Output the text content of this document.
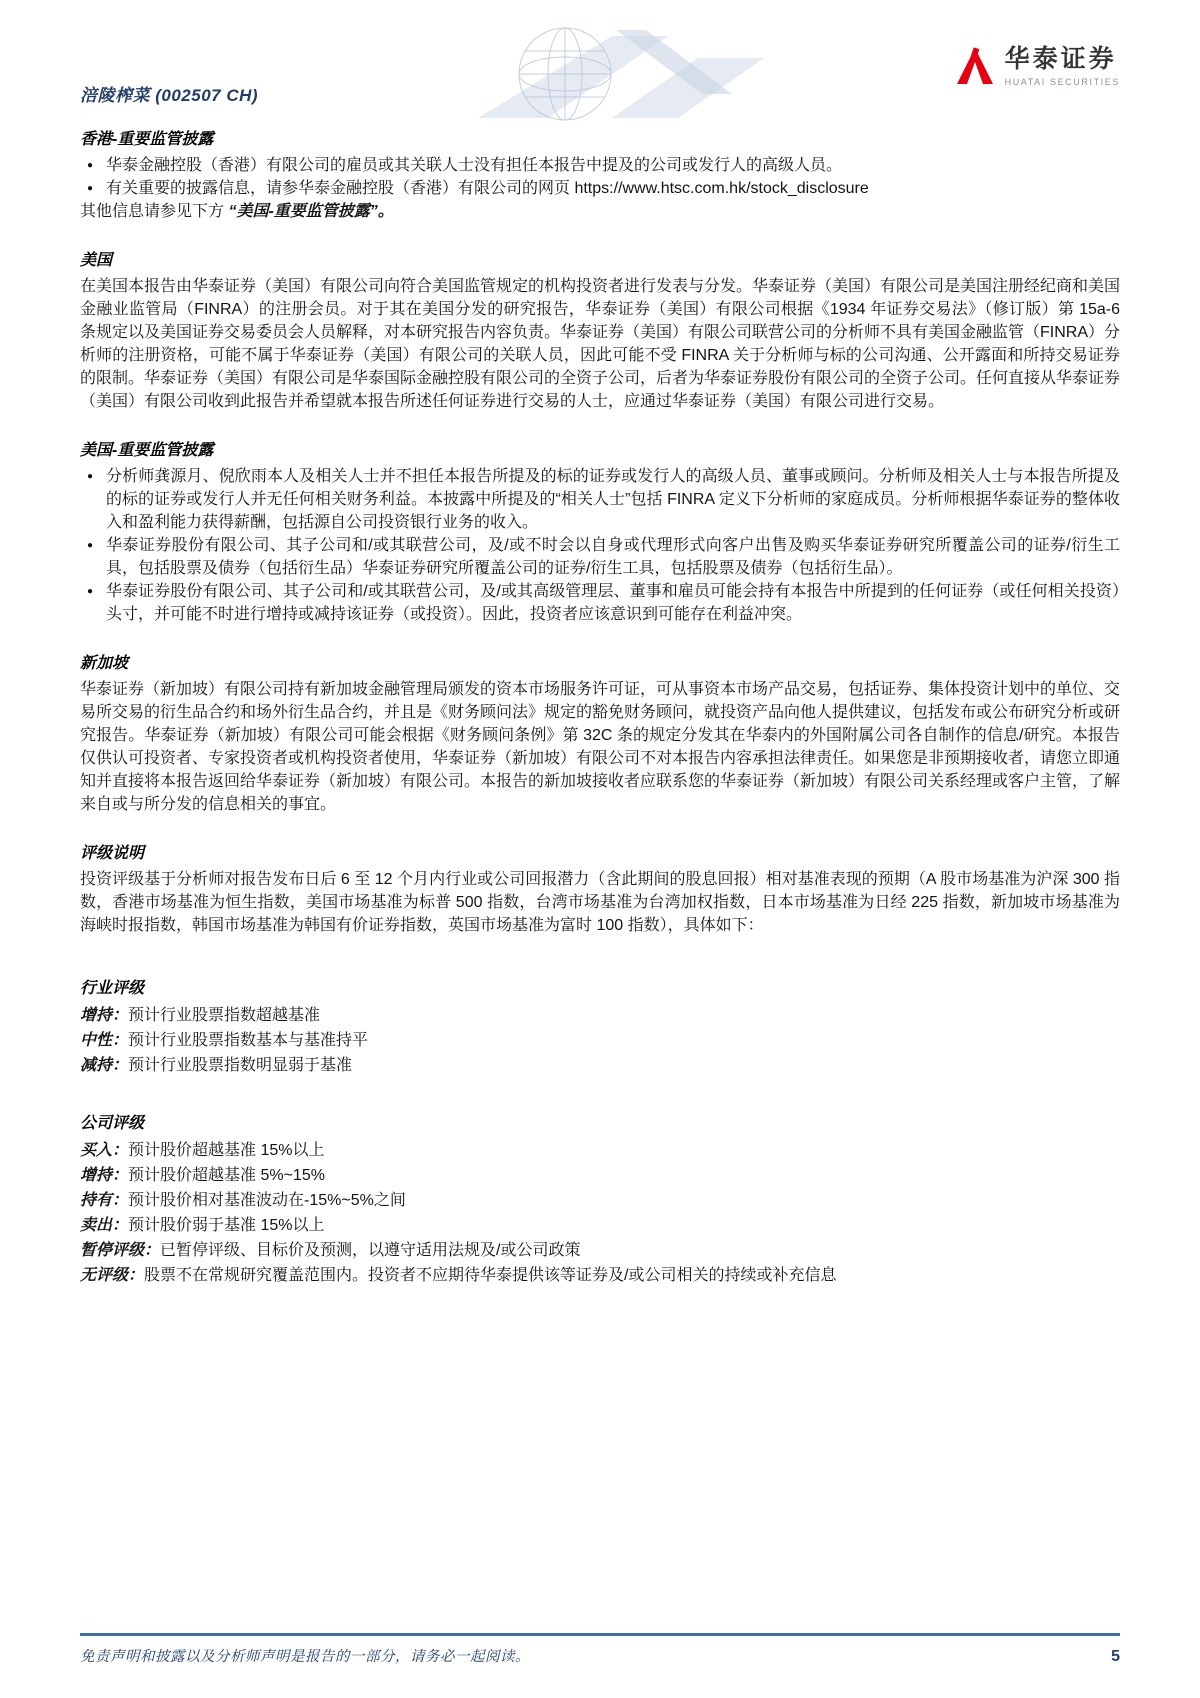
涪陵榨菜 (002507 CH)
华泰证券
HUATAI SECURITIES
香港-重要监管披露
● 华泰金融控股（香港）有限公司的雇员或其关联人士没有担任本报告中提及的公司或发行人的高级人员。
● 有关重要的披露信息，请参华泰金融控股（香港）有限公司的网页 https://www.htsc.com.hk/stock_disclosure

其他信息请参见下方 “美国-重要监管披露”。

美国

在美国本报告由华泰证券（美国）有限公司向符合美国监管规定的机构投资者进行发表与分发。华泰证券（美国）有限公司是美国注册经纪商和美国金融业监管局（FINRA）的注册会员。对于其在美国分发的研究报告，华泰证券（美国）有限公司根据《1934 年证券交易法》（修订版）第 15a-6 条规定以及美国证券交易委员会人员解释，对本研究报告内容负责。华泰证券（美国）有限公司联营公司的分析师不具有美国金融监管（FINRA）分析师的注册资格，可能不属于华泰证券（美国）有限公司的关联人员，因此可能不受 FINRA 关于分析师与标的公司沟通、公开露面和所持交易证券的限制。华泰证券（美国）有限公司是华泰国际金融控股有限公司的全资子公司，后者为华泰证券股份有限公司的全资子公司。任何直接从华泰证券（美国）有限公司收到此报告并希望就本报告所述任何证券进行交易的人士，应通过华泰证券（美国）有限公司进行交易。

美国-重要监管披露
● 分析师龚源月、倪欣雨本人及相关人士并不担任本报告所提及的标的证券或发行人的高级人员、董事或顾问。分析师及相关人士与本报告所提及的标的证券或发行人并无任何相关财务利益。本披露中所提及的“相关人士”包括 FINRA 定义下分析师的家庭成员。分析师根据华泰证券的整体收入和盈利能力获得薪酬，包括源自公司投资银行业务的收入。
● 华泰证券股份有限公司、其子公司和/或其联营公司，及/或不时会以自身或代理形式向客户出售及购买华泰证券研究所覆盖公司的证券/衍生工具，包括股票及债券（包括衍生品）华泰证券研究所覆盖公司的证券/衍生工具，包括股票及债券（包括衍生品）。
● 华泰证券股份有限公司、其子公司和/或其联营公司，及/或其高级管理层、董事和雇员可能会持有本报告中所提到的任何证券（或任何相关投资）头寸，并可能不时进行增持或减持该证券（或投资）。因此，投资者应该意识到可能存在利益冲突。
新加坡

华泰证券（新加坡）有限公司持有新加坡金融管理局颁发的资本市场服务许可证，可从事资本市场产品交易，包括证券、集体投资计划中的单位、交易所交易的衍生品合约和场外衍生品合约，并且是《财务顾问法》规定的豁免财务顾问，就投资产品向他人提供建议，包括发布或公布研究分析或研究报告。华泰证券（新加坡）有限公司可能会根据《财务顾问条例》第 32C 条的规定分发其在华泰内的外国附属公司各自制作的信息/研究。本报告仅供认可投资者、专家投资者或机构投资者使用，华泰证券（新加坡）有限公司不对本报告内容承担法律责任。如果您是非预期接收者，请您立即通知并直接将本报告返回给华泰证券（新加坡）有限公司。本报告的新加坡接收者应联系您的华泰证券（新加坡）有限公司关系经理或客户主管，了解来自或与所分发的信息相关的事宜。

评级说明

投资评级基于分析师对报告发布日后 6 至 12 个月内行业或公司回报潜力（含此期间的股息回报）相对基准表现的预期（A 股市场基准为沪深 300 指数，香港市场基准为恒生指数，美国市场基准为标普 500 指数，台湾市场基准为台湾加权指数，日本市场基准为日经 225 指数，新加坡市场基准为海峡时报指数，韩国市场基准为韩国有价证券指数，英国市场基准为富时 100 指数），具体如下：

行业评级
增持：预计行业股票指数超越基准
中性：预计行业股票指数基本与基准持平
减持：预计行业股票指数明显弱于基准
公司评级
买入：预计股价超越基准 15%以上
增持：预计股价超越基准 5%~15%
持有：预计股价相对基准波动在-15%~5%之间
卖出：预计股价弱于基准 15%以上
暂停评级：已暂停评级、目标价及预测，以遵守适用法规及/或公司政策
无评级：股票不在常规研究覆盖范围内。投资者不应期待华泰提供该等证券及/或公司相关的持续或补充信息
免责声明和披露以及分析师声明是报告的一部分，请务必一起阅读。	5
